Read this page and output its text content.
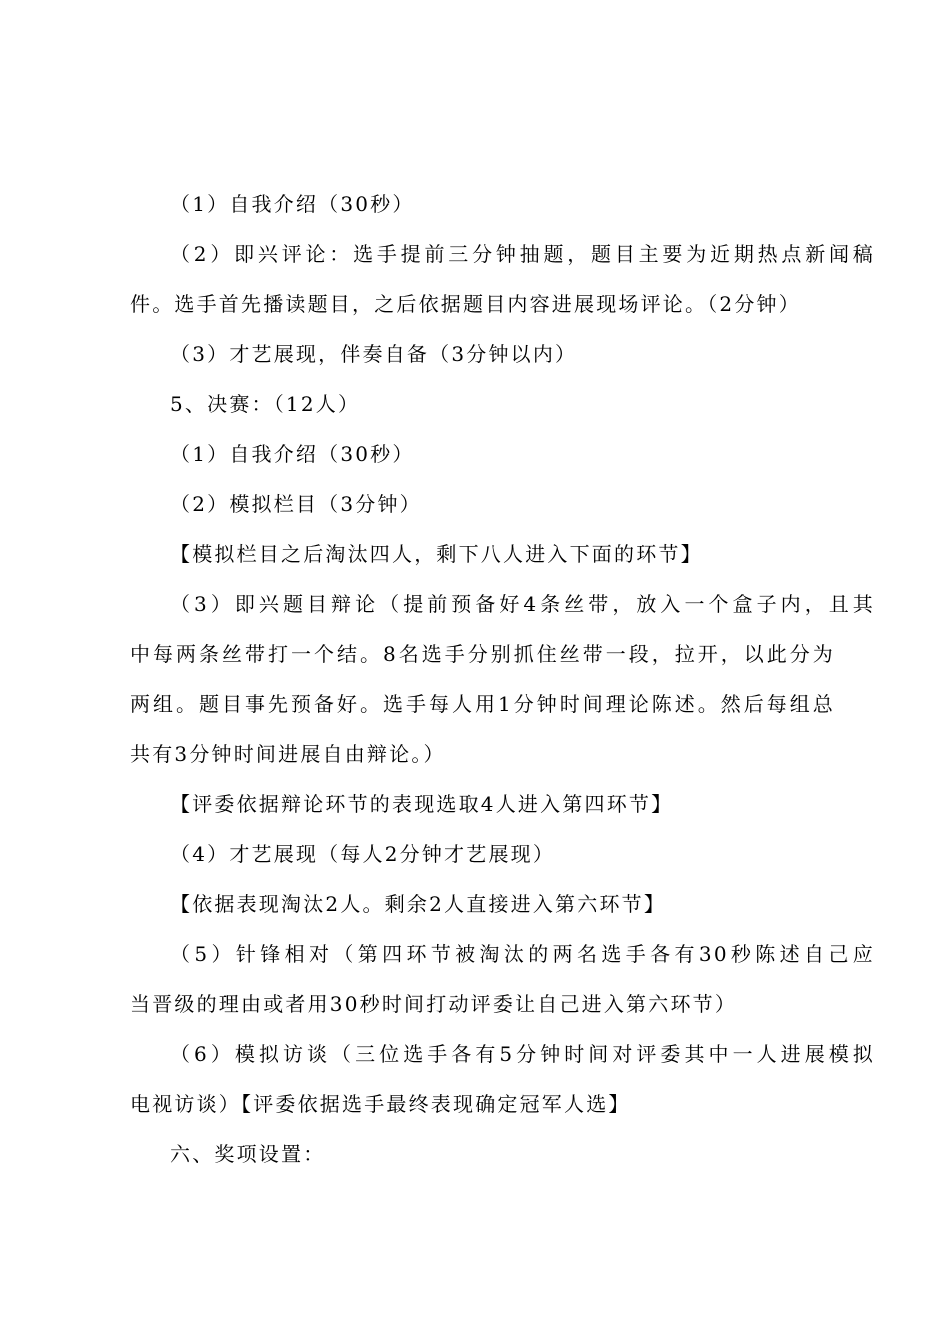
（1）自我介绍（30秒）
（2）即兴评论：选手提前三分钟抽题，题目主要为近期热点新闻稿
件。选手首先播读题目，之后依据题目内容进展现场评论。（2分钟）
（3）才艺展现，伴奏自备（3分钟以内）
5、决赛：（12人）
（1）自我介绍（30秒）
（2）模拟栏目（3分钟）
【模拟栏目之后淘汰四人，剩下八人进入下面的环节】
（3）即兴题目辩论（提前预备好4条丝带，放入一个盒子内，且其
中每两条丝带打一个结。8名选手分别抓住丝带一段，拉开，以此分为
两组。题目事先预备好。选手每人用1分钟时间理论陈述。然后每组总
共有3分钟时间进展自由辩论。）
【评委依据辩论环节的表现选取4人进入第四环节】
（4）才艺展现（每人2分钟才艺展现）
【依据表现淘汰2人。剩余2人直接进入第六环节】
（5）针锋相对（第四环节被淘汰的两名选手各有30秒陈述自己应
当晋级的理由或者用30秒时间打动评委让自己进入第六环节）
（6）模拟访谈（三位选手各有5分钟时间对评委其中一人进展模拟
电视访谈）【评委依据选手最终表现确定冠军人选】
六、奖项设置：
